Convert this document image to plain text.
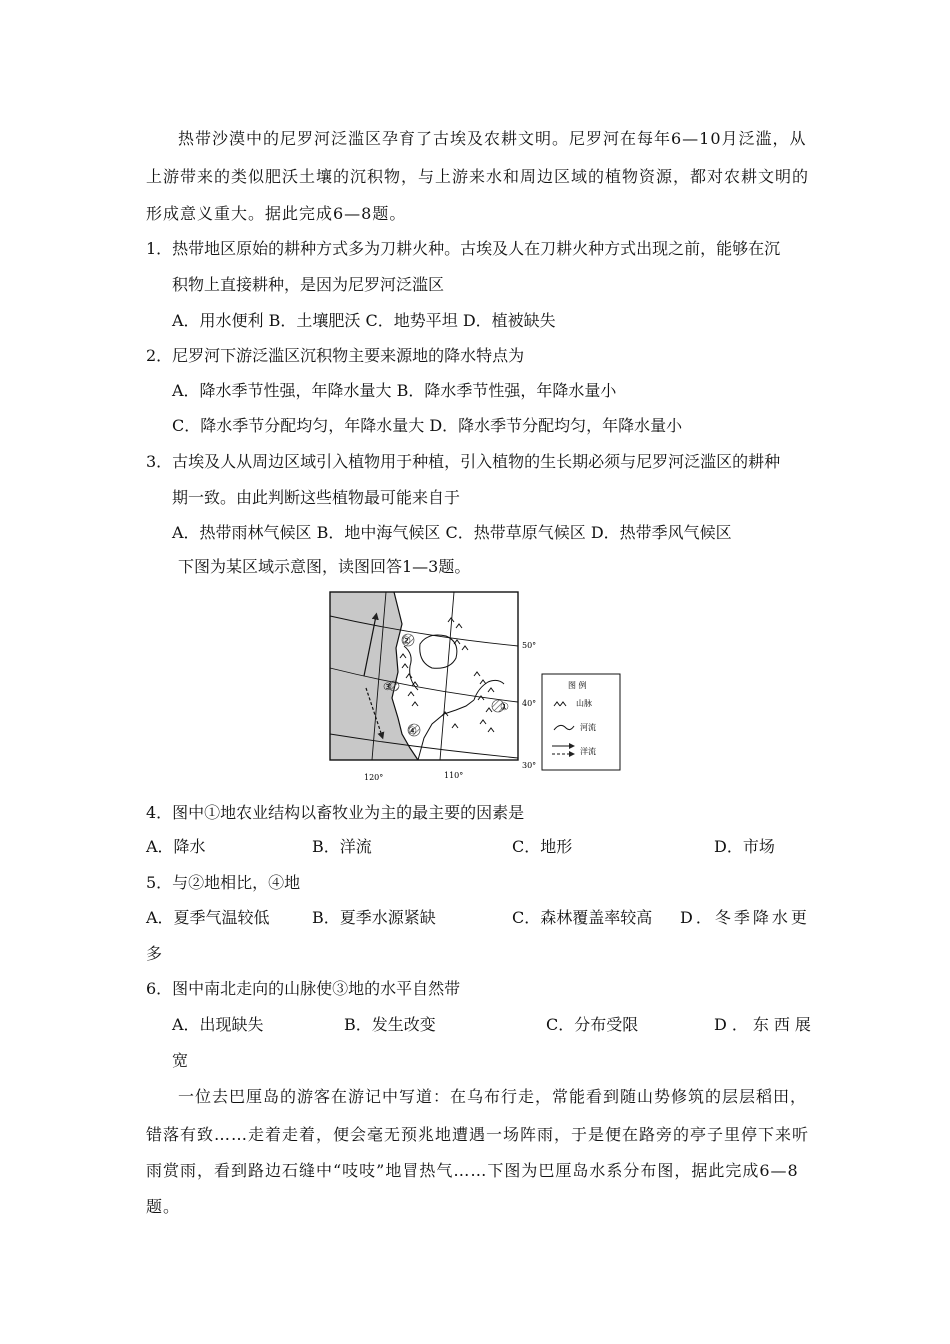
热带沙漠中的尼罗河泛滥区孕育了古埃及农耕文明。尼罗河在每年6—10月泛滥，从
上游带来的类似肥沃土壤的沉积物，与上游来水和周边区域的植物资源，都对农耕文明的
形成意义重大。据此完成6—8题。
1．热带地区原始的耕种方式多为刀耕火种。古埃及人在刀耕火种方式出现之前，能够在沉
积物上直接耕种，是因为尼罗河泛滥区
A．用水便利 B．土壤肥沃 C．地势平坦 D．植被缺失
2．尼罗河下游泛滥区沉积物主要来源地的降水特点为
A．降水季节性强，年降水量大 B．降水季节性强，年降水量小
C．降水季节分配均匀，年降水量大 D．降水季节分配均匀，年降水量小
3．古埃及人从周边区域引入植物用于种植，引入植物的生长期必须与尼罗河泛滥区的耕种
期一致。由此判断这些植物最可能来自于
A．热带雨林气候区 B．地中海气候区 C．热带草原气候区 D．热带季风气候区
下图为某区域示意图，读图回答1—3题。
②
③
①
④
50°
40°
30°
120°	110°
图 例
山脉
河流
洋流
4．图中①地农业结构以畜牧业为主的最主要的因素是
A．降水	B．洋流	C．地形	D．市场
5．与②地相比，④地
A．夏季气温较低	B．夏季水源紧缺	C．森林覆盖率较高 D．冬季降水更
多
6．图中南北走向的山脉使③地的水平自然带
A．出现缺失	B．发生改变	C．分布受限	D．东西展
宽
一位去巴厘岛的游客在游记中写道：在乌布行走，常能看到随山势修筑的层层稻田，
错落有致……走着走着，便会毫无预兆地遭遇一场阵雨，于是便在路旁的亭子里停下来听
雨赏雨，看到路边石缝中“吱吱”地冒热气……下图为巴厘岛水系分布图，据此完成6—8
题。
